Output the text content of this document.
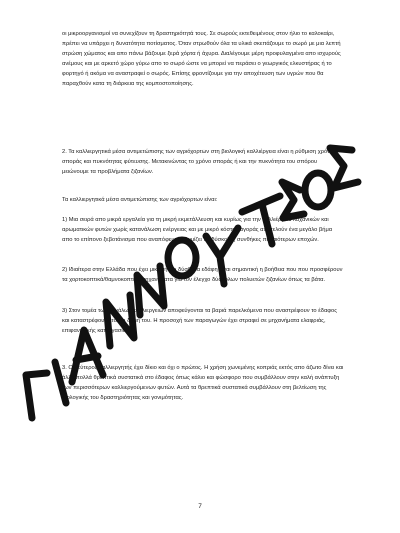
οι μικροοργανισμοί να συνεχίζουν τη δραστηριότητά τους. Σε σωρούς εκτεθειμένους στον ήλιο το καλοκαίρι, πρέπει να υπάρχει η δυνατότητα ποτίσματος. Όταν στρωθούν όλα τα υλικά σκεπάζουμε το σωρό με μια λεπτή στρώση χώματος και απο πάνω βάζουμε ξερά χόρτα ή άχυρα. Διαλέγουμε μέρη προφυλαγμένα απο ισχυρούς ανέμους και με αρκετό χώρο γύρω απο το σωρό ώστε να μπορεί να περάσει ο γεωργικός ελκυστήρας ή το φορτηγό ή ακόμα να αναστραφεί ο σωρός. Επίσης φροντίζουμε για την αποχέτευση των υγρών που θα παραχθούν κατα τη διάρκεια της κομποστοποίησης.

2. Τα καλλιεργητικά μέσα αντιμετώπισης των αγριόχορτων στη βιολογική καλλιέργεια είναι η ρύθμιση χρόνου σποράς και πυκνότητας φύτευσης. Μετακινώντας το χρόνο σποράς ή και την πυκνότητα του σπόρου μειώνουμε τα προβλήματα ζιζανίων.

Τα καλλιεργητικά μέσα αντιμετώπισης των αγριόχορτων είναι:

1) Μια σειρά απο μικρά εργαλεία για τη μικρή εκμετάλλευση και κυρίως για την καλλιέργεια λαχανικών και αρωματικών φυτών χωρίς κατανάλωση ενέργειας και με μικρό κόστος αγοράς αποτελούν ένα μεγάλο βήμα απο το επίπονο ξεβοτάνισμα που αναπόφευκτα θυμίζει τις δύσκολες συνθήκες παλαιότερων εποχών.

2) Ιδιαίτερα στην Ελλάδα που έχει μικλινή και δύσβατα εδάφη είναι σημαντική η βοήθεια που που προσφέρουν τα χορτοκοπτικά/θαμνοκοπτικά μηχανήματα για τον έλεγχο δύσκολων πολυετών ζιζανίων όπως τα βάτα.

3) Στον τομέα των μεγάλων καλλιεργειών αποφεύγονται τα βαριά παρελκόμενα που αναστρέφουν το έδαφος και καταστρέφουν έτσι τη δομή του. Η προσοχή των παραγωγών έχει στραφεί σε μηχανήματα ελαφριάς, επιφανειακής κατεργασίας.

3. Ο δεύτερος καλλιεργητής έχει δίκιο και όχι ο πρώτος. Η χρήση χωνεμένης κοπριάς εκτός απο άζωτο δίνει και άλλα πολλά θρεπτικά συστατικά στο έδαφος όπως κάλιο και φώσφορο που συμβάλλουν στην καλή ανάπτυξη των περισσότερων καλλιεργούμενων φυτών. Αυτά τα θρεπτικά συστατικά συμβάλλουν στη βελτίωση της βιολογικής του δραστηριότητας και γονιμότητας.

7
